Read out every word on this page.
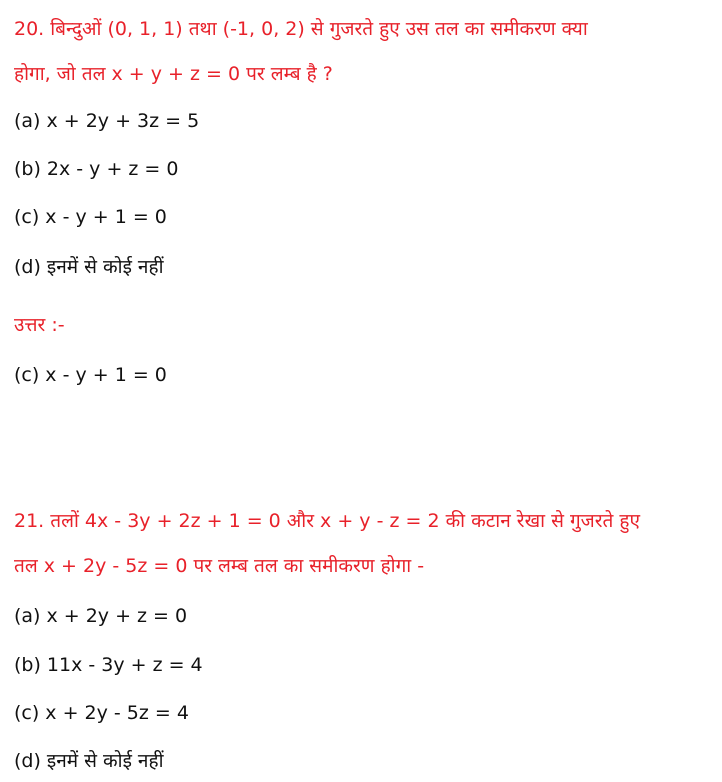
20. बिन्दुओं (0, 1, 1) तथा (-1, 0, 2) से गुजरते हुए उस तल का समीकरण क्या
होगा, जो तल x + y + z = 0 पर लम्ब है ?
(a) x + 2y + 3z = 5
(b) 2x - y + z = 0
(c) x - y + 1 = 0
(d) इनमें से कोई नहीं
उत्तर :-
(c) x - y + 1 = 0
21. तलों 4x - 3y + 2z + 1 = 0 और x + y - z = 2 की कटान रेखा से गुजरते हुए
तल x + 2y - 5z = 0 पर लम्ब तल का समीकरण होगा -
(a) x + 2y + z = 0
(b) 11x - 3y + z = 4
(c) x + 2y - 5z = 4
(d) इनमें से कोई नहीं
